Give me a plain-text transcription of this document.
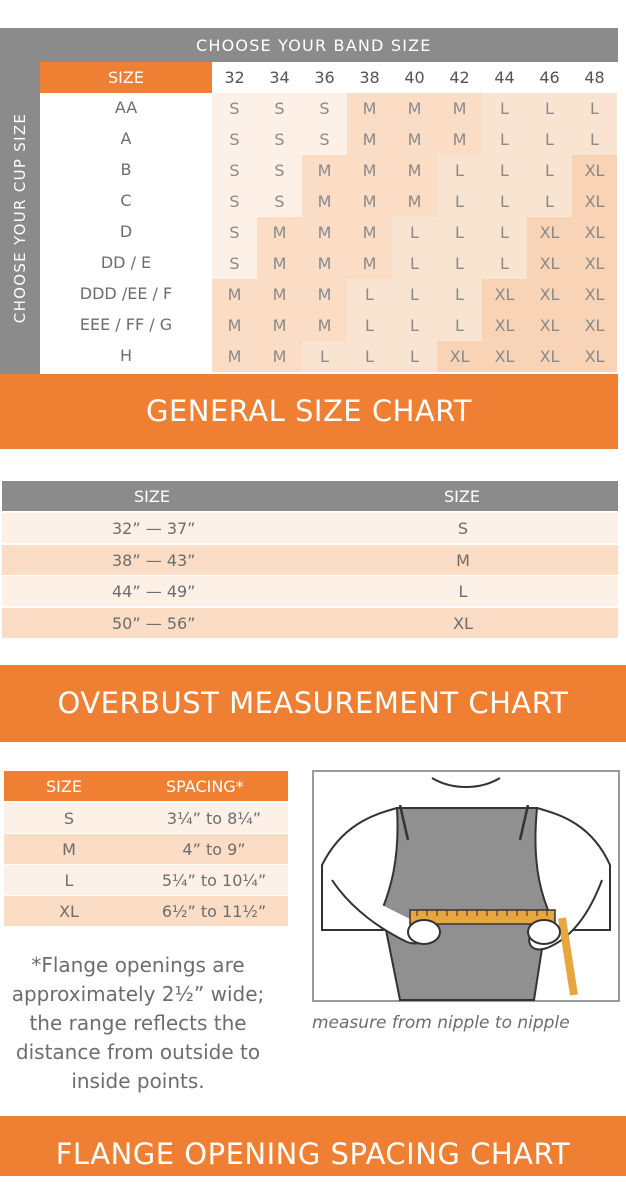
CHOOSE YOUR BAND SIZE
CHOOSE YOUR CUP SIZE
SIZE	32	34	36	38	40	42	44	46	48
AA	S	S	S	M	M	M	L	L	L
A	S	S	S	M	M	M	L	L	L
B	S	S	M	M	M	L	L	L	XL
C	S	S	M	M	M	L	L	L	XL
D	S	M	M	M	L	L	L	XL	XL
DD / E	S	M	M	M	L	L	L	XL	XL
DDD /EE / F	M	M	M	L	L	L	XL	XL	XL
EEE / FF / G	M	M	M	L	L	L	XL	XL	XL
H	M	M	L	L	L	XL	XL	XL	XL
GENERAL SIZE CHART
SIZE	SIZE
32” — 37”	S
38” — 43”	M
44” — 49”	L
50” — 56”	XL
OVERBUST MEASUREMENT CHART
SIZE	SPACING*
S	3¼” to 8¼”
M	4” to 9”
L	5¼” to 10¼”
XL	6½” to 11½”
*Flange openings are approximately 2½” wide; the range reflects the distance from outside to inside points.
measure from nipple to nipple
FLANGE OPENING SPACING CHART
